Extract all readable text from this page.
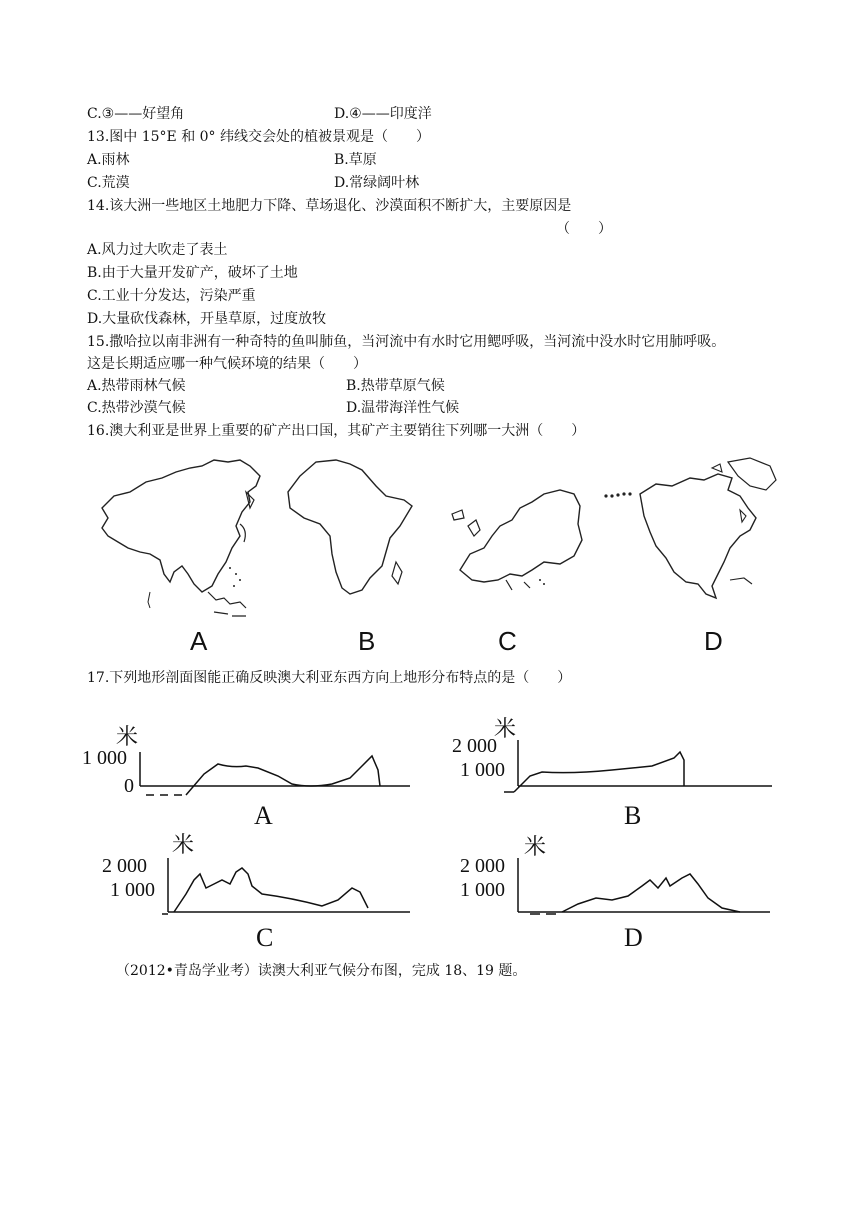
C.③——好望角	D.④——印度洋
13.图中 15°E 和 0° 纬线交会处的植被景观是（　　）
A.雨林	B.草原
C.荒漠	D.常绿阔叶林
14.该大洲一些地区土地肥力下降、草场退化、沙漠面积不断扩大，主要原因是
（　　）
A.风力过大吹走了表土
B.由于大量开发矿产，破坏了土地
C.工业十分发达，污染严重
D.大量砍伐森林，开垦草原，过度放牧
15.撒哈拉以南非洲有一种奇特的鱼叫肺鱼，当河流中有水时它用鳃呼吸，当河流中没水时它用肺呼吸。
这是长期适应哪一种气候环境的结果（　　）
A.热带雨林气候	B.热带草原气候
C.热带沙漠气候	D.温带海洋性气候
16.澳大利亚是世界上重要的矿产出口国，其矿产主要销往下列哪一大洲（　　）
A	B	C	D
17.下列地形剖面图能正确反映澳大利亚东西方向上地形分布特点的是（　　）
米
1 000
0
A
米
2 000
1 000
B
米
2 000
1 000
C
米
2 000
1 000
D
（2012•青岛学业考）读澳大利亚气候分布图，完成 18、19 题。
